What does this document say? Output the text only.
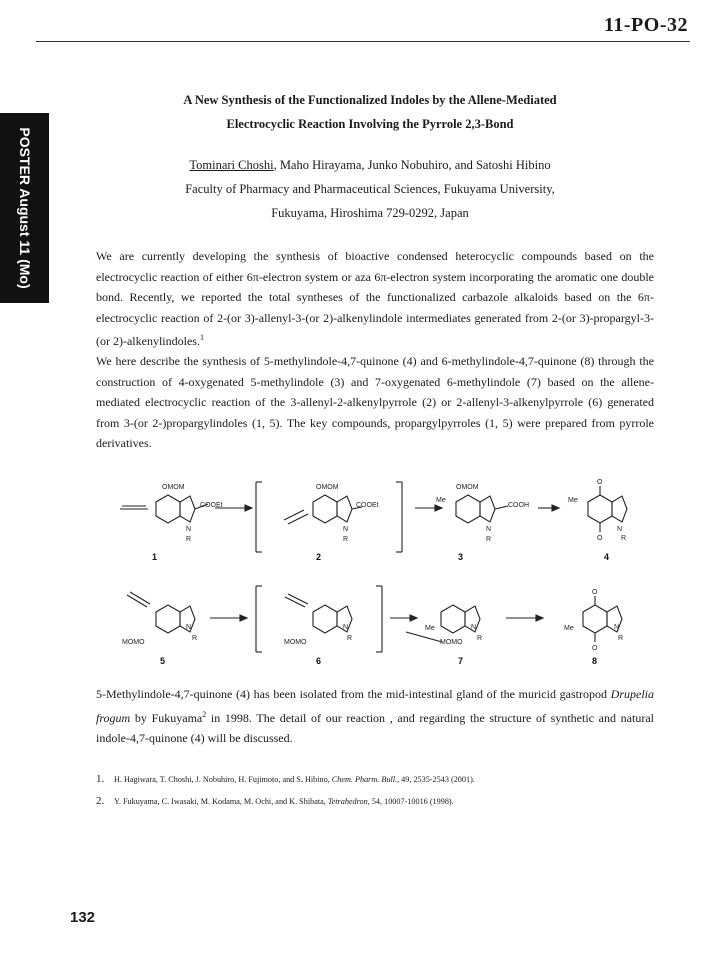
11-PO-32
POSTER August 11 (Mo)
A New Synthesis of the Functionalized Indoles by the Allene-Mediated
Electrocyclic Reaction Involving the Pyrrole 2,3-Bond
Tominari Choshi, Maho Hirayama, Junko Nobuhiro, and Satoshi Hibino
Faculty of Pharmacy and Pharmaceutical Sciences, Fukuyama University,
Fukuyama, Hiroshima 729-0292, Japan
We are currently developing the synthesis of bioactive condensed heterocyclic compounds based on the electrocyclic reaction of either 6π-electron system or aza 6π-electron system incorporating the aromatic one double bond. Recently, we reported the total syntheses of the functionalized carbazole alkaloids based on the 6π-electrocyclic reaction of 2-(or 3)-allenyl-3-(or 2)-alkenylindole intermediates generated from 2-(or 3)-propargyl-3-(or 2)-alkenylindoles.$^1$
We here describe the synthesis of 5-methylindole-4,7-quinone (4) and 6-methylindole-4,7-quinone (8) through the construction of 4-oxygenated 5-methylindole (3) and 7-oxygenated 6-methylindole (7) based on the allene-mediated electrocyclic reaction of the 3-allenyl-2-alkenylpyrrole (2) or 2-allenyl-3-alkenylpyrrole (6) generated from 3-(or 2-)propargylindoles (1, 5). The key compounds, propargylpyrroles (1, 5) were prepared from pyrrole derivatives.
OMOM
COOEt
N
R
OMOM
COOEt
N
R
OMOM
Me
COOH
N
R
O
Me
N
O	R
N
R
MOMO
N
R
MOMO
Me	N
R
MOMO
O
Me	N
O
R
1	2	3	4
5	6	7	8
5-Methylindole-4,7-quinone (4) has been isolated from the mid-intestinal gland of the muricid gastropod Drupelia frogum by Fukuyama$^2$ in 1998. The detail of our reaction , and regarding the structure of synthetic and natural indole-4,7-quinone (4) will be discussed.
1. H. Hagiwara, T. Choshi, J. Nobuhiro, H. Fujimoto, and S. Hibino, Chem. Pharm. Bull., 49, 2535-2543 (2001).
2. Y. Fukuyama, C. Iwasaki, M. Kodama, M. Ochi, and K. Shibata, Tetrahedron, 54, 10007-10016 (1998).
132
